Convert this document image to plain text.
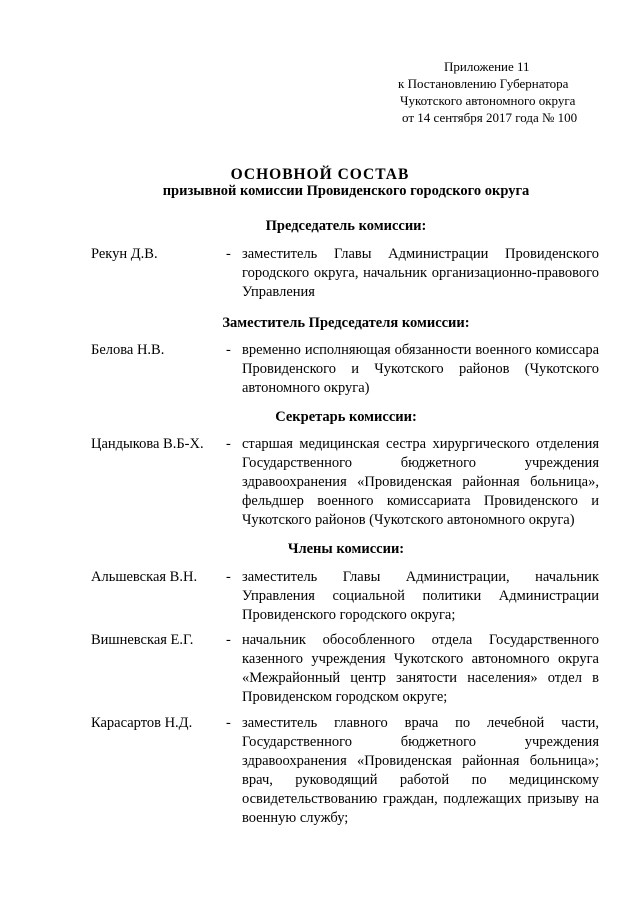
Приложение 11
к Постановлению Губернатора
Чукотского автономного округа
от 14 сентября 2017 года № 100
ОСНОВНОЙ СОСТАВ
призывной комиссии Провиденского городского округа
Председатель комиссии:
Рекун Д.В.	- заместитель Главы Администрации Провиденского городского округа, начальник организационно-правового Управления
Заместитель Председателя комиссии:
Белова Н.В.	- временно исполняющая обязанности военного комиссара Провиденского и Чукотского районов (Чукотского автономного округа)
Секретарь комиссии:
Цандыкова В.Б-Х. - старшая медицинская сестра хирургического отделения Государственного бюджетного учреждения здравоохранения «Провиденская районная больница», фельдшер военного комиссариата Провиденского и Чукотского районов (Чукотского автономного округа)
Члены комиссии:
Альшевская В.Н. - заместитель Главы Администрации, начальник Управления социальной политики Администрации Провиденского городского округа;
Вишневская Е.Г. - начальник обособленного отдела Государственного казенного учреждения Чукотского автономного округа «Межрайонный центр занятости населения» отдел в Провиденском городском округе;
Карасартов Н.Д. - заместитель главного врача по лечебной части, Государственного бюджетного учреждения здравоохранения «Провиденская районная больница»; врач, руководящий работой по медицинскому освидетельствованию граждан, подлежащих призыву на военную службу;
